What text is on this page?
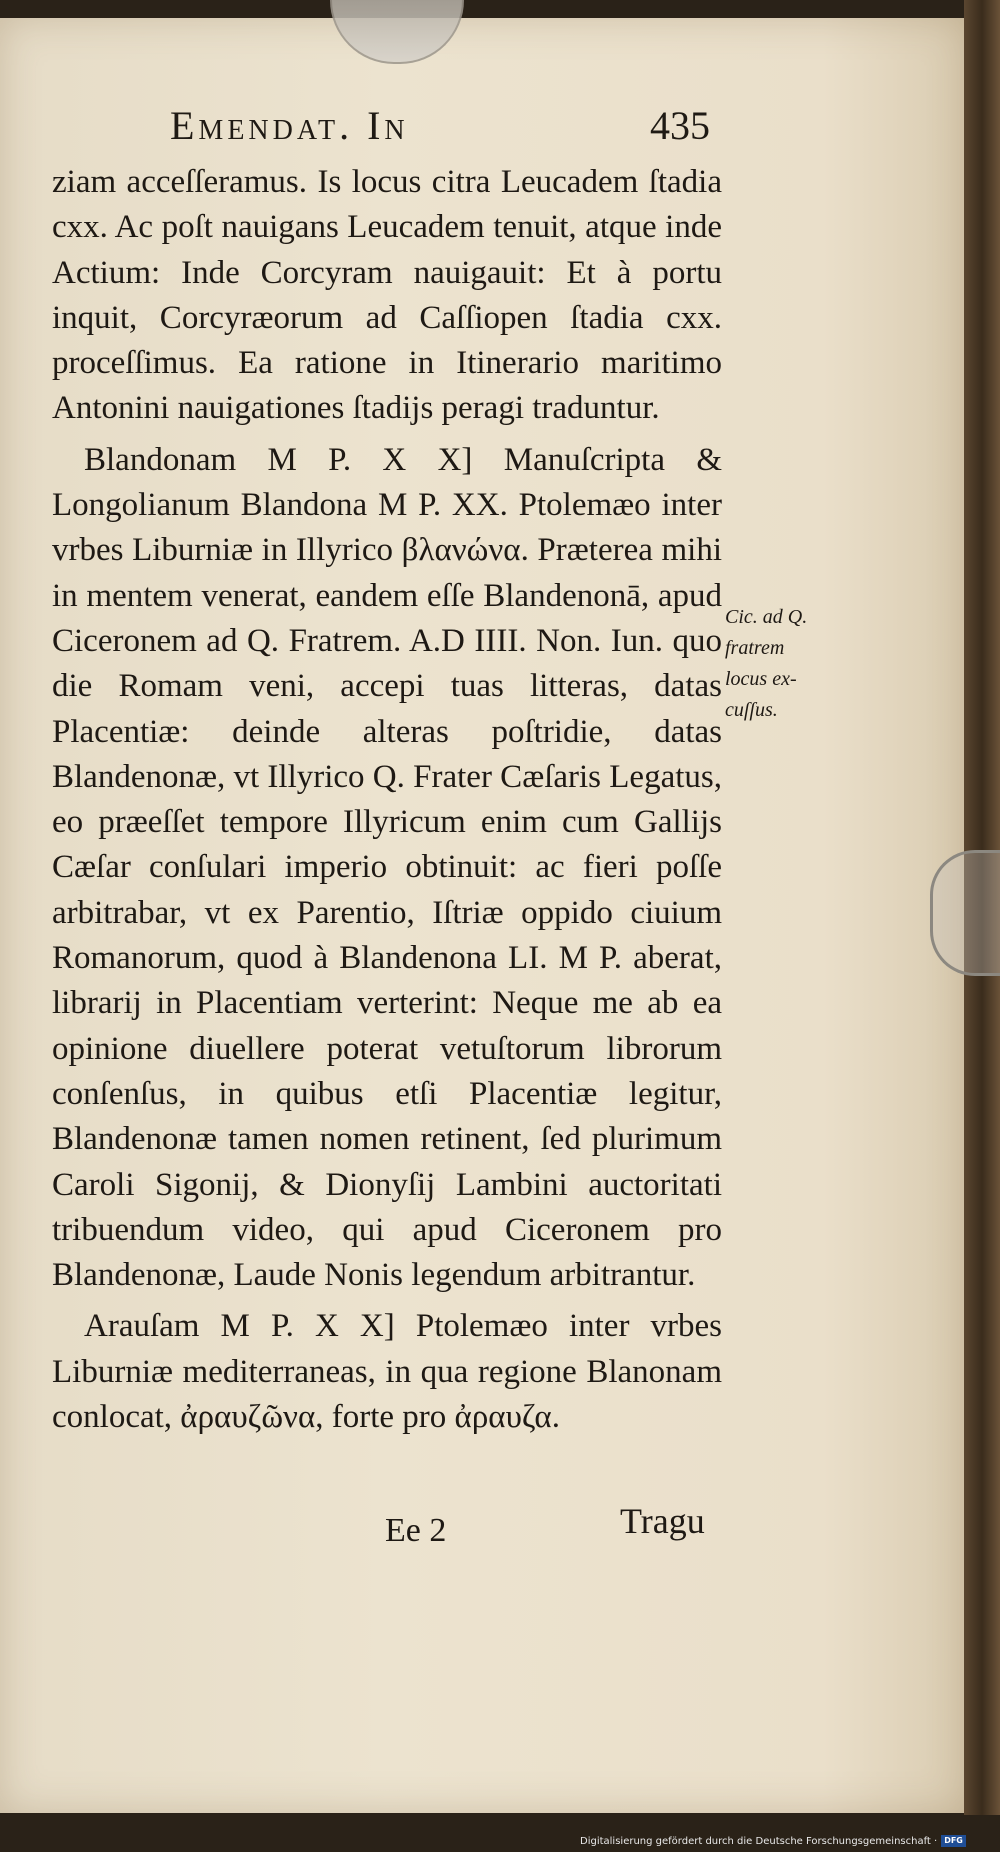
Emendat. In	435

ziam acceſſeramus. Is locus citra Leucadem ſtadia cxx. Ac poſt nauigans Leucadem tenuit, atque inde Actium: Inde Corcyram nauigauit: Et à portu inquit, Corcyræorum ad Caſſiopen ſtadia cxx. proceſſimus. Ea ratione in Itinerario maritimo Antonini nauigationes ſtadijs peragi traduntur.

Blandonam M P. X X] Manuſcripta & Longolianum Blandona M P. XX. Ptolemæo inter vrbes Liburniæ in Illyrico βλανώνα. Præterea mihi in mentem venerat, eandem eſſe Blandenonā, apud Ciceronem ad Q. Fratrem. A.D IIII. Non. Iun. quo die Romam veni, accepi tuas litteras, datas Placentiæ: deinde alteras poſtridie, datas Blandenonæ, vt Illyrico Q. Frater Cæſaris Legatus, eo præeſſet tempore Illyricum enim cum Gallijs Cæſar conſulari imperio obtinuit: ac fieri poſſe arbitrabar, vt ex Parentio, Iſtriæ oppido ciuium Romanorum, quod à Blandenona LI. M P. aberat, librarij in Placentiam verterint: Neque me ab ea opinione diuellere poterat vetuſtorum librorum conſenſus, in quibus etſi Placentiæ legitur, Blandenonæ tamen nomen retinent, ſed plurimum Caroli Sigonij, & Dionyſij Lambini auctoritati tribuendum video, qui apud Ciceronem pro Blandenonæ, Laude Nonis legendum arbitrantur.

Arauſam M P. X X] Ptolemæo inter vrbes Liburniæ mediterraneas, in qua regione Blanonam conlocat, ἀραυζῶνα, forte pro ἀραυζα.

Cic. ad Q.
fratrem
locus ex-
cuſſus.
Ee 2	Tragu
Digitalisierung gefördert durch die Deutsche Forschungsgemeinschaft · DFG
